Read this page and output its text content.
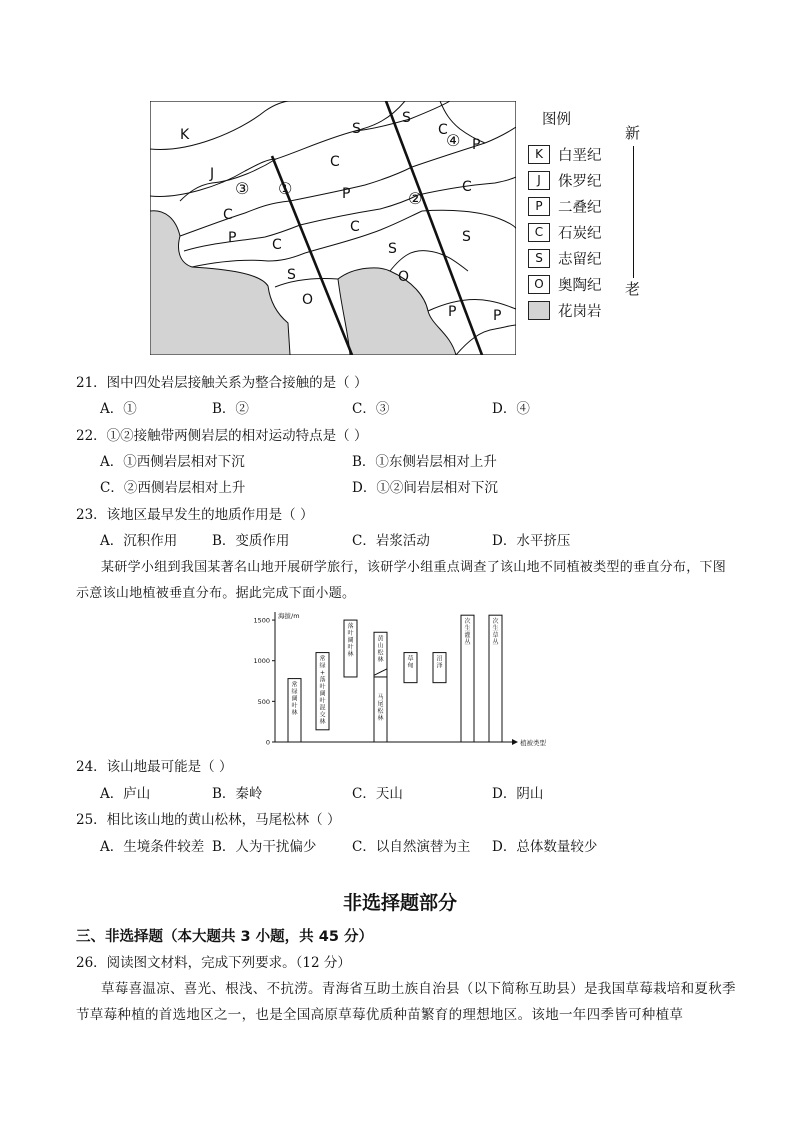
K
J
S
S
C
C
P	C
P
C
C
P
C
S
S
S	O
O
P	P
①
②
③
④
图例
K	白垩纪
J	侏罗纪
P	二叠纪
C	石炭纪
S	志留纪
O 奥陶纪
花岗岩
新
老
21．图中四处岩层接触关系为整合接触的是（ ）
A．①	B．②	C．③	D．④
22．①②接触带两侧岩层的相对运动特点是（ ）
A．①西侧岩层相对下沉	B．①东侧岩层相对上升
C．②西侧岩层相对上升	D．①②间岩层相对下沉
23．该地区最早发生的地质作用是（ ）
A．沉积作用	B．变质作用	C．岩浆活动	D．水平挤压
某研学小组到我国某著名山地开展研学旅行，该研学小组重点调查了该山地不同植被类型的垂直分布，下图示意该山地植被垂直分布。据此完成下面小题。
海拔/m
植被类型
0
500
1000
1500
常绿阔叶林
常绿+落叶阔叶混交林
落叶阔叶林
黄山松林
马尾松林
草甸
沼泽
次生灌丛
次生草丛
24．该山地最可能是（ ）
A．庐山	B．秦岭	C．天山	D．阴山
25．相比该山地的黄山松林，马尾松林（ ）
A．生境条件较差 B．人为干扰偏少	C．以自然演替为主 D．总体数量较少
非选择题部分
三、非选择题（本大题共 3 小题，共 45 分）
26．阅读图文材料，完成下列要求。（12 分）
草莓喜温凉、喜光、根浅、不抗涝。青海省互助土族自治县（以下简称互助县）是我国草莓栽培和夏秋季节草莓种植的首选地区之一，也是全国高原草莓优质种苗繁育的理想地区。该地一年四季皆可种植草
